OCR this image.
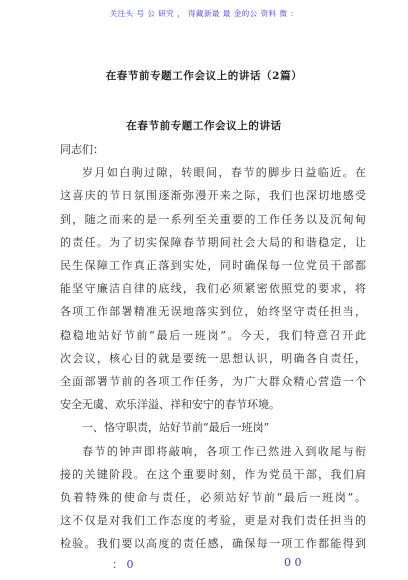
关注头 号 公 研究 ， 得藏新最 最 金的公 资料 微 ：
在春节前专题工作会议上的讲话（2篇）
在春节前专题工作会议上的讲话
同志们：
岁月如白驹过隙，转眼间，春节的脚步日益临近。在
这喜庆的节日氛围逐渐弥漫开来之际，我们也深切地感受
到，随之而来的是一系列至关重要的工作任务以及沉甸甸
的责任。为了切实保障春节期间社会大局的和谐稳定，让
民生保障工作真正落到实处，同时确保每一位党员干部都
能坚守廉洁自律的底线，我们必须紧密依照党的要求，将
各项工作部署精准无误地落实到位，始终坚守责任担当，
稳稳地站好节前“最后一班岗”。今天，我们特意召开此
次会议，核心目的就是要统一思想认识，明确各自责任，
全面部署节前的各项工作任务，为广大群众精心营造一个
安全无虞、欢乐洋溢、祥和安宁的春节环境。
一、恪守职责，站好节前“最后一班岗”
春节的钟声即将敲响，各项工作已然进入到收尾与衔
接的关键阶段。在这个重要时刻，作为党员干部，我们肩
负着特殊的使命与责任，必须站好节前“最后一班岗”。
这不仅是对我们工作态度的考验，更是对我们责任担当的
检验。我们要以高度的责任感，确保每一项工作都能得到
： 0	0 0
